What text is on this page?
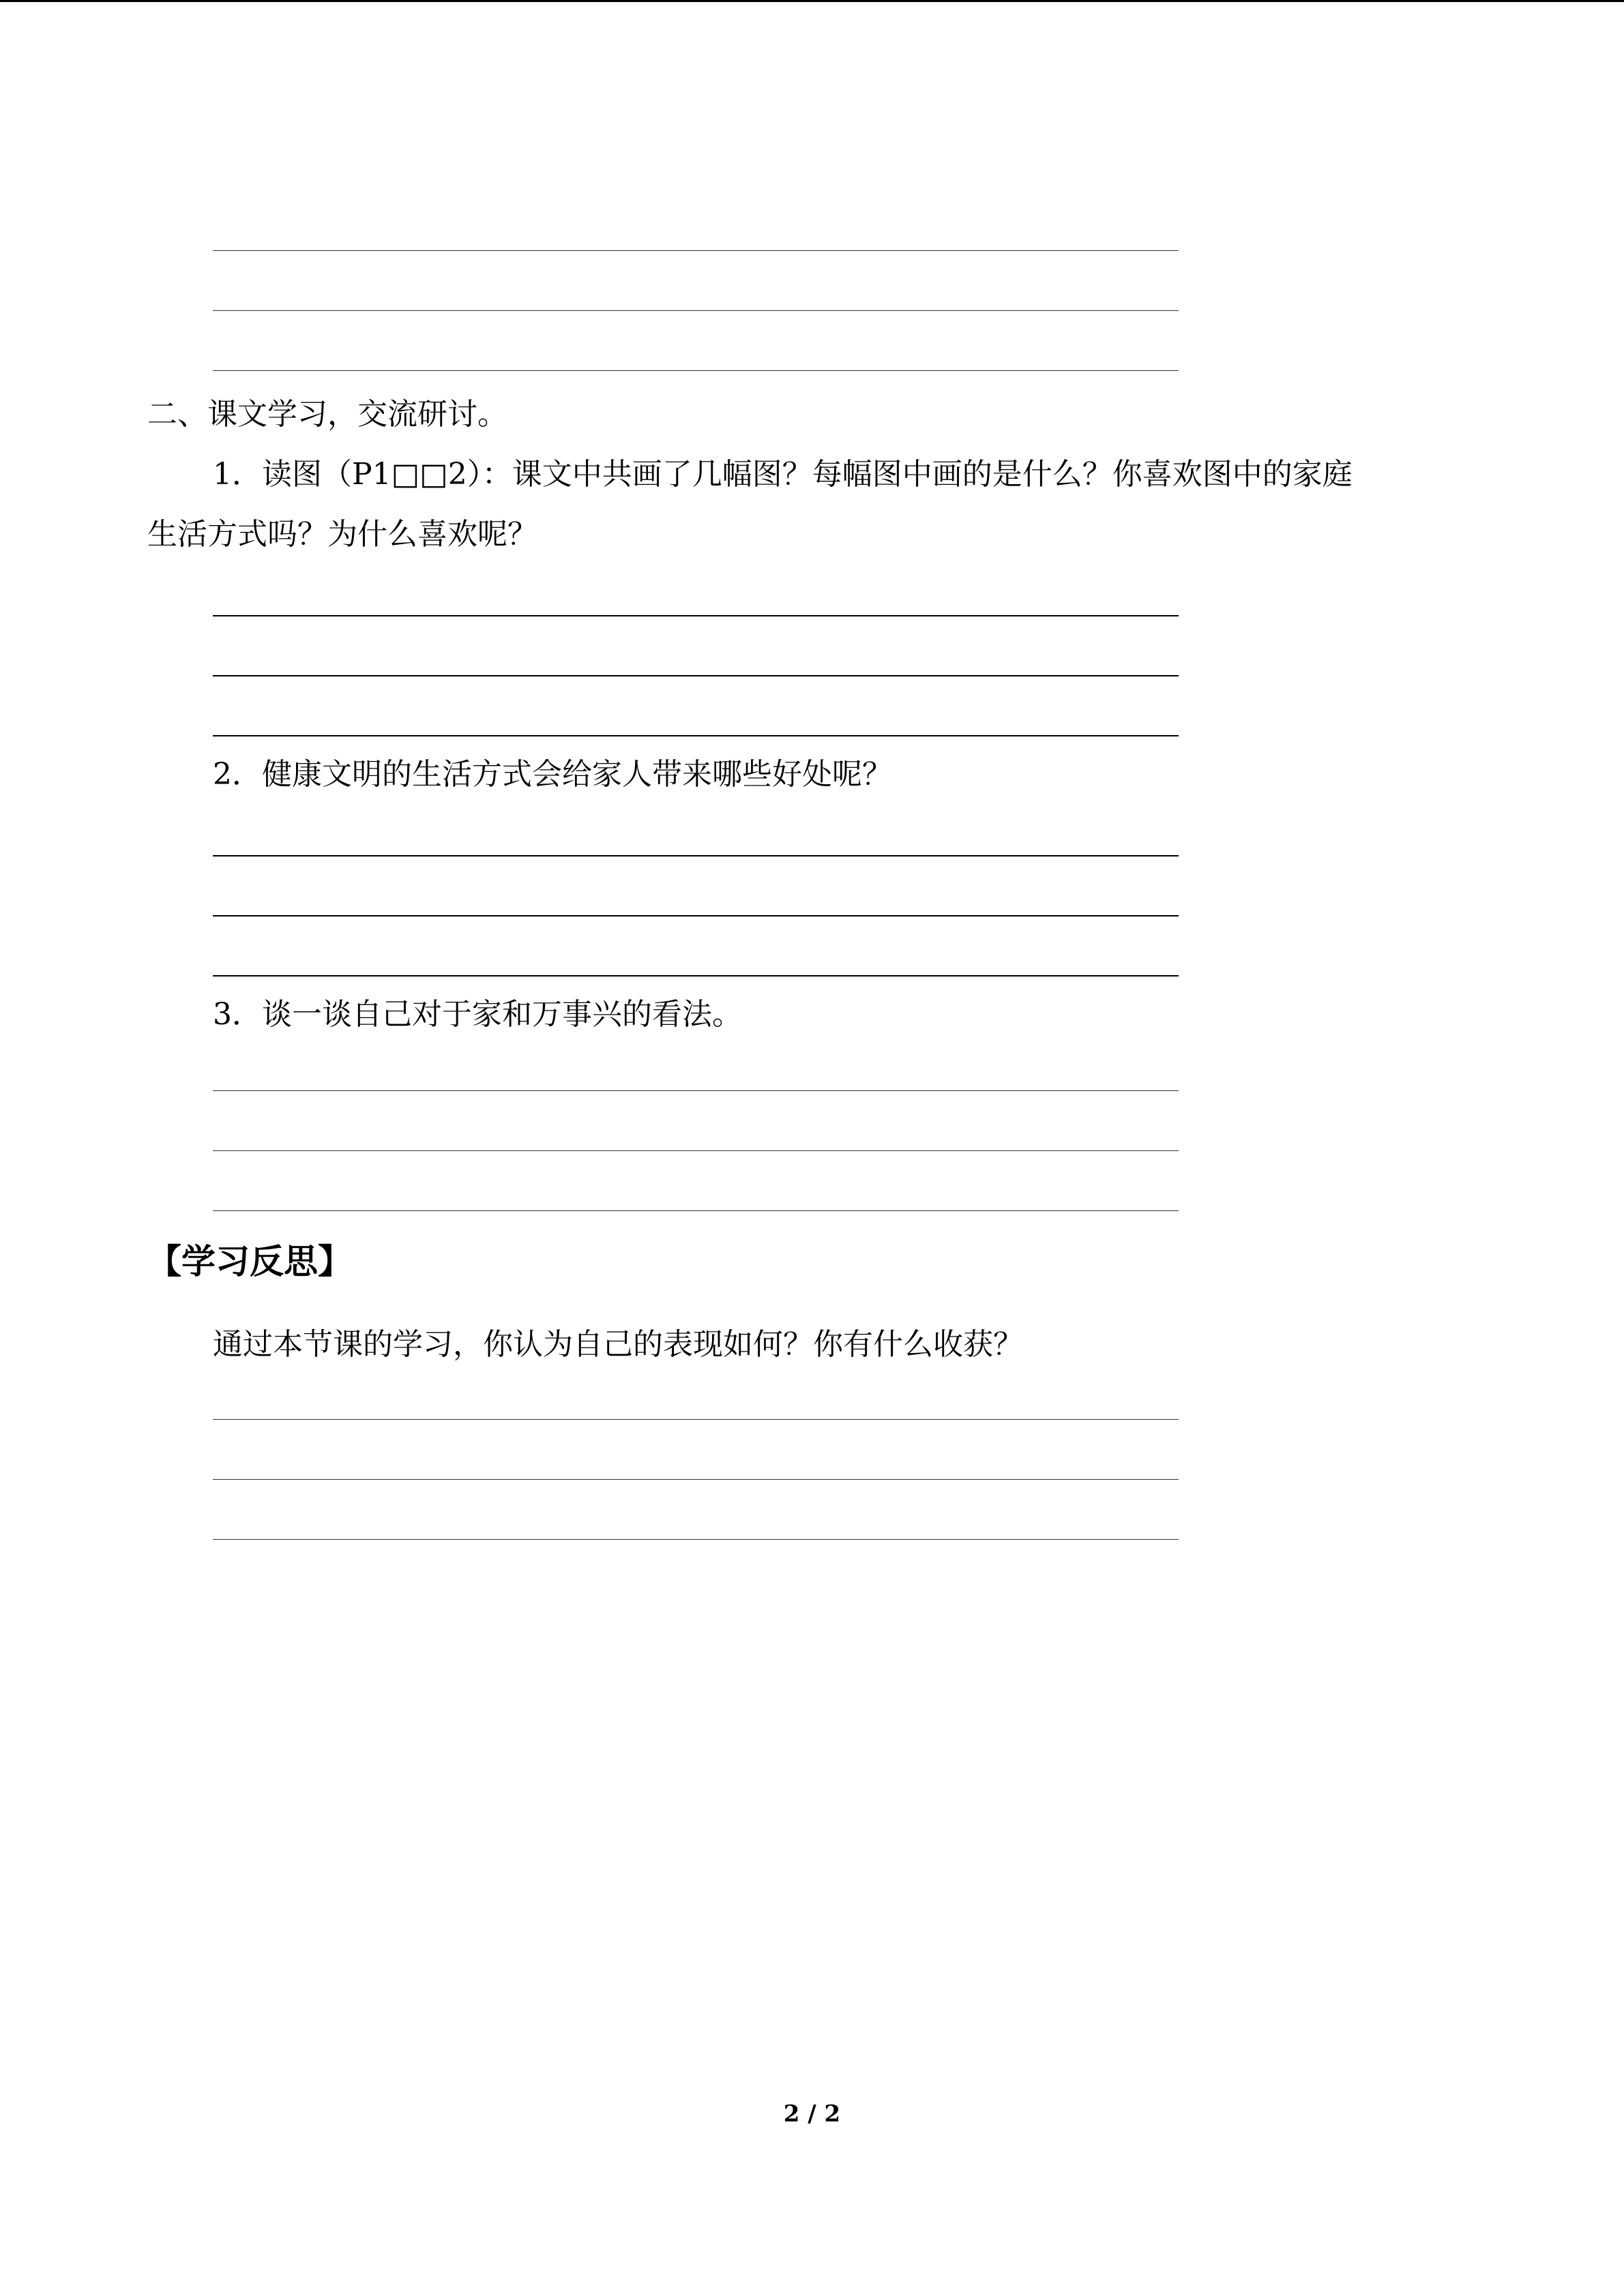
二、课文学习，交流研讨。
1．读图（P1□□2）：课文中共画了几幅图？每幅图中画的是什么？你喜欢图中的家庭
生活方式吗？为什么喜欢呢？
2．健康文明的生活方式会给家人带来哪些好处呢？
3．谈一谈自己对于家和万事兴的看法。
【学习反思】
通过本节课的学习，你认为自己的表现如何？你有什么收获？
2 / 2
